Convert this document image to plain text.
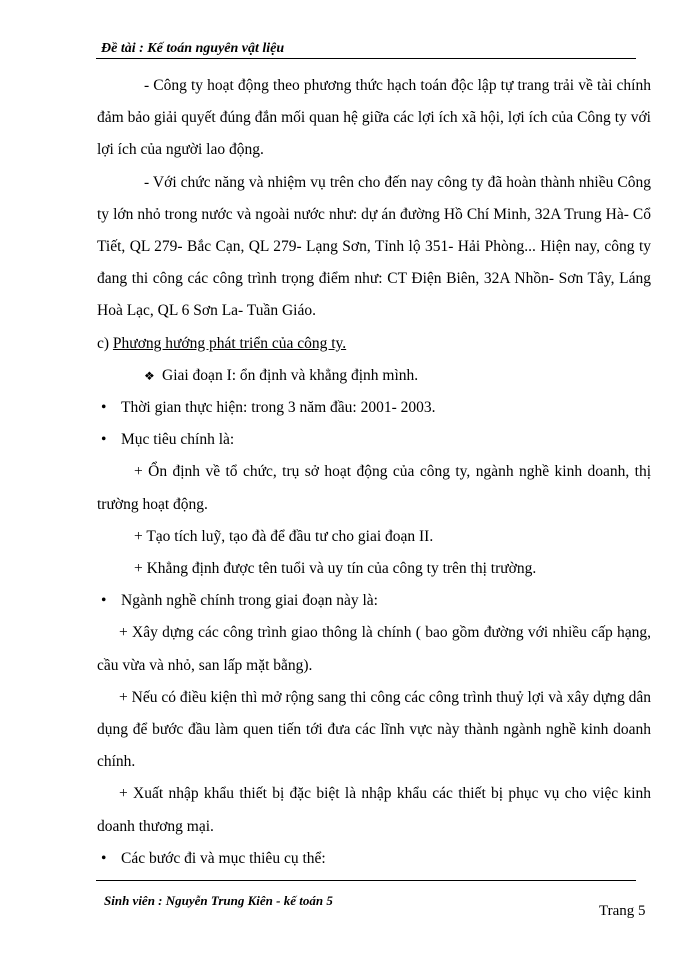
Đề tài : Kế toán nguyên vật liệu

- Công ty hoạt động theo phương thức hạch toán độc lập tự trang trải về tài chính đảm bảo giải quyết đúng đắn mối quan hệ giữa các lợi ích xã hội, lợi ích của Công ty với lợi ích của người lao động.

- Với chức năng và nhiệm vụ trên cho đến nay công ty đã hoàn thành nhiều Công ty lớn nhỏ trong nước và ngoài nước như: dự án đường Hồ Chí Minh, 32A Trung Hà- Cổ Tiết, QL 279- Bắc Cạn, QL 279- Lạng Sơn, Tỉnh lộ 351- Hải Phòng... Hiện nay, công ty đang thi công các công trình trọng điểm như: CT Điện Biên, 32A Nhồn- Sơn Tây, Láng Hoà Lạc, QL 6 Sơn La- Tuần Giáo.

c) Phương hướng phát triển của công ty.

❖ Giai đoạn I: ổn định và khẳng định mình.

• Thời gian thực hiện: trong 3 năm đầu: 2001- 2003.

• Mục tiêu chính là:

+ Ổn định về tổ chức, trụ sở hoạt động của công ty, ngành nghề kinh doanh, thị trường hoạt động.

+ Tạo tích luỹ, tạo đà để đầu tư cho giai đoạn II.

+ Khẳng định được tên tuổi và uy tín của công ty trên thị trường.

• Ngành nghề chính trong giai đoạn này là:

+ Xây dựng các công trình giao thông là chính ( bao gồm đường với nhiều cấp hạng, cầu vừa và nhỏ, san lấp mặt bằng).

+ Nếu có điều kiện thì mở rộng sang thi công các công trình thuỷ lợi và xây dựng dân dụng để bước đầu làm quen tiến tới đưa các lĩnh vực này thành ngành nghề kinh doanh chính.

+ Xuất nhập khẩu thiết bị đặc biệt là nhập khẩu các thiết bị phục vụ cho việc kinh doanh thương mại.

• Các bước đi và mục thiêu cụ thể:

Sinh viên : Nguyễn Trung Kiên - kế toán 5
Trang 5
